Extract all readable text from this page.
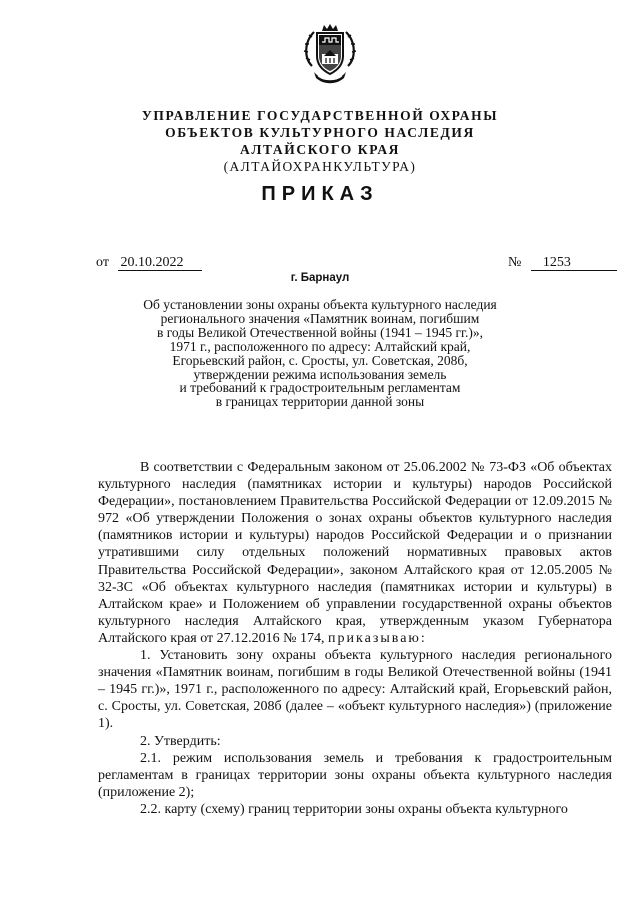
УПРАВЛЕНИЕ ГОСУДАРСТВЕННОЙ ОХРАНЫ
ОБЪЕКТОВ КУЛЬТУРНОГО НАСЛЕДИЯ
АЛТАЙСКОГО КРАЯ
(АЛТАЙОХРАНКУЛЬТУРА)
ПРИКАЗ
от 20.10.2022	№ 1253
г. Барнаул
Об установлении зоны охраны объекта культурного наследия
регионального значения «Памятник воинам, погибшим
в годы Великой Отечественной войны (1941 – 1945 гг.)»,
1971 г., расположенного по адресу: Алтайский край,
Егорьевский район, с. Сросты, ул. Советская, 208б,
утверждении режима использования земель
и требований к градостроительным регламентам
в границах территории данной зоны

В соответствии с Федеральным законом от 25.06.2002 № 73-ФЗ «Об объектах культурного наследия (памятниках истории и культуры) народов Российской Федерации», постановлением Правительства Российской Федерации от 12.09.2015 № 972 «Об утверждении Положения о зонах охраны объектов культурного наследия (памятников истории и культуры) народов Российской Федерации и о признании утратившими силу отдельных положений нормативных правовых актов Правительства Российской Федерации», законом Алтайского края от 12.05.2005 № 32-ЗС «Об объектах культурного наследия (памятниках истории и культуры) в Алтайском крае» и Положением об управлении государственной охраны объектов культурного наследия Алтайского края, утвержденным указом Губернатора Алтайского края от 27.12.2016 № 174, приказываю:

1. Установить зону охраны объекта культурного наследия регионального значения «Памятник воинам, погибшим в годы Великой Отечественной войны (1941 – 1945 гг.)», 1971 г., расположенного по адресу: Алтайский край, Егорьевский район, с. Сросты, ул. Советская, 208б (далее – «объект культурного наследия») (приложение 1).

2. Утвердить:

2.1. режим использования земель и требования к градостроительным регламентам в границах территории зоны охраны объекта культурного наследия (приложение 2);

2.2. карту (схему) границ территории зоны охраны объекта культурного
